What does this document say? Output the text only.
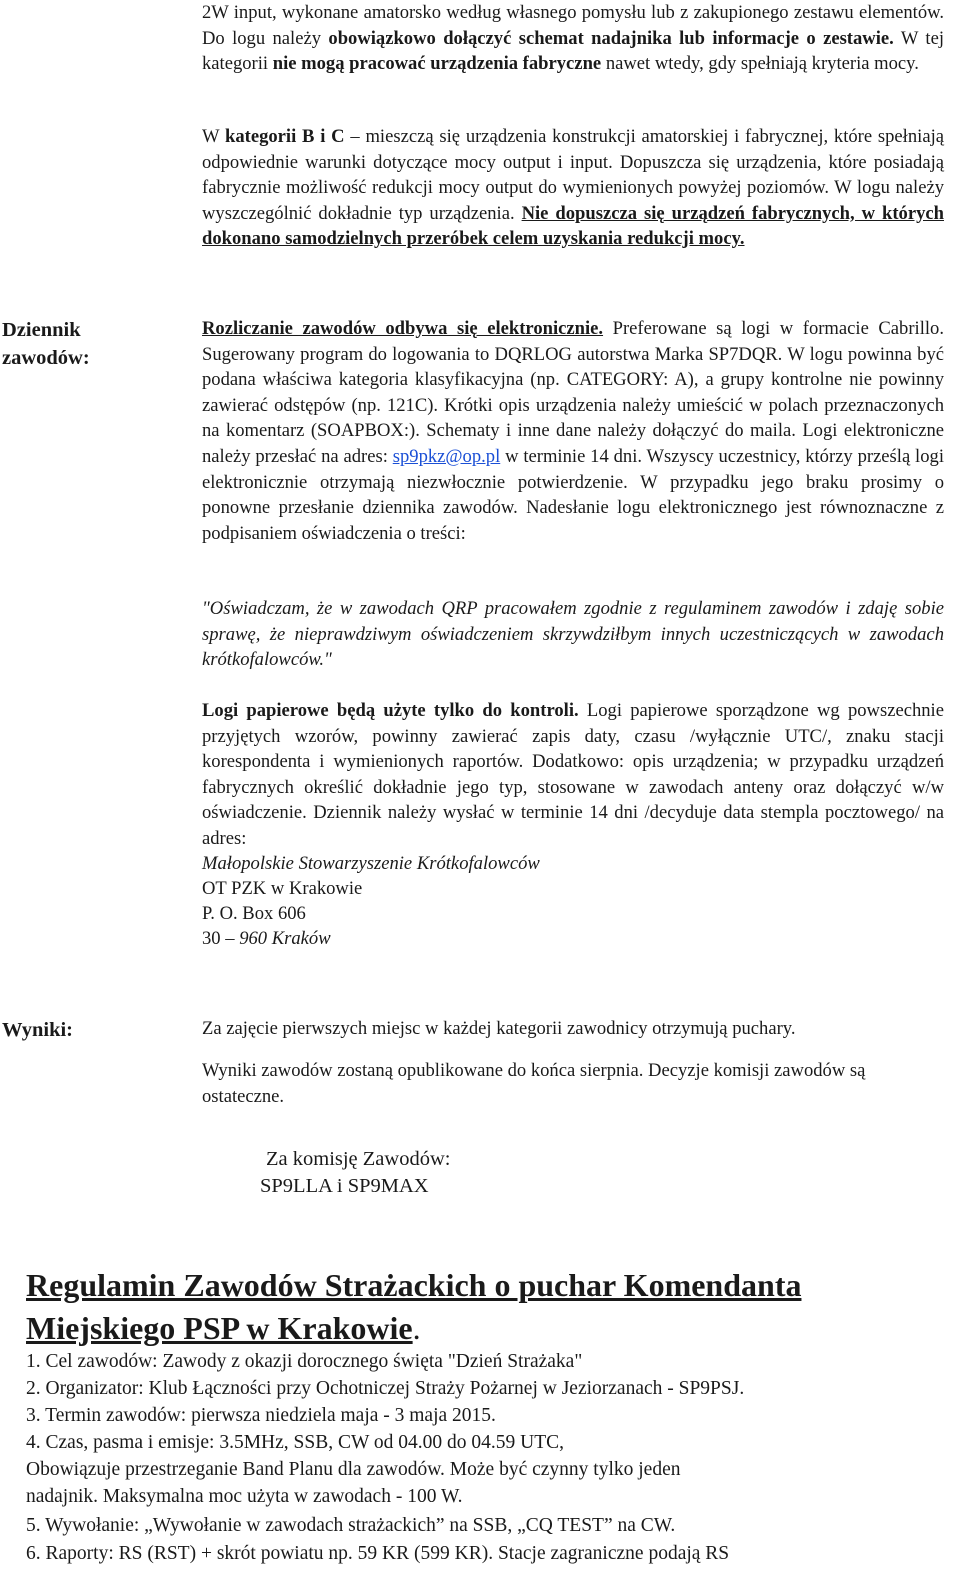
2W input, wykonane amatorsko według własnego pomysłu lub z zakupionego zestawu elementów. Do logu należy obowiązkowo dołączyć schemat nadajnika lub informacje o zestawie. W tej kategorii nie mogą pracować urządzenia fabryczne nawet wtedy, gdy spełniają kryteria mocy.

W kategorii B i C – mieszczą się urządzenia konstrukcji amatorskiej i fabrycznej, które spełniają odpowiednie warunki dotyczące mocy output i input. Dopuszcza się urządzenia, które posiadają fabrycznie możliwość redukcji mocy output do wymienionych powyżej poziomów. W logu należy wyszczególnić dokładnie typ urządzenia. Nie dopuszcza się urządzeń fabrycznych, w których dokonano samodzielnych przeróbek celem uzyskania redukcji mocy.

Dziennik
zawodów:

Rozliczanie zawodów odbywa się elektronicznie. Preferowane są logi w formacie Cabrillo. Sugerowany program do logowania to DQRLOG autorstwa Marka SP7DQR. W logu powinna być podana właściwa kategoria klasyfikacyjna (np. CATEGORY: A), a grupy kontrolne nie powinny zawierać odstępów (np. 121C). Krótki opis urządzenia należy umieścić w polach przeznaczonych na komentarz (SOAPBOX:). Schematy i inne dane należy dołączyć do maila. Logi elektroniczne należy przesłać na adres: sp9pkz@op.pl w terminie 14 dni. Wszyscy uczestnicy, którzy prześlą logi elektronicznie otrzymają niezwłocznie potwierdzenie. W przypadku jego braku prosimy o ponowne przesłanie dziennika zawodów. Nadesłanie logu elektronicznego jest równoznaczne z podpisaniem oświadczenia o treści:

"Oświadczam, że w zawodach QRP pracowałem zgodnie z regulaminem zawodów i zdaję sobie sprawę, że nieprawdziwym oświadczeniem skrzywdziłbym innych uczestniczących w zawodach krótkofalowców."

Logi papierowe będą użyte tylko do kontroli. Logi papierowe sporządzone wg powszechnie przyjętych wzorów, powinny zawierać zapis daty, czasu /wyłącznie UTC/, znaku stacji korespondenta i wymienionych raportów. Dodatkowo: opis urządzenia; w przypadku urządzeń fabrycznych określić dokładnie jego typ, stosowane w zawodach anteny oraz dołączyć w/w oświadczenie. Dziennik należy wysłać w terminie 14 dni /decyduje data stempla pocztowego/ na adres:

Małopolskie Stowarzyszenie Krótkofalowców

OT PZK w Krakowie

P. O. Box 606

30 – 960 Kraków

Wyniki:	Za zajęcie pierwszych miejsc w każdej kategorii zawodnicy otrzymują puchary.

Wyniki zawodów zostaną opublikowane do końca sierpnia. Decyzje komisji zawodów są ostateczne.

Za komisję Zawodów:

SP9LLA i SP9MAX

Regulamin Zawodów Strażackich o puchar Komendanta Miejskiego PSP w Krakowie.

1. Cel zawodów: Zawody z okazji dorocznego święta "Dzień Strażaka"

2. Organizator: Klub Łączności przy Ochotniczej Straży Pożarnej w Jeziorzanach - SP9PSJ.

3. Termin zawodów: pierwsza niedziela maja - 3 maja 2015.

4. Czas, pasma i emisje: 3.5MHz, SSB, CW od 04.00 do 04.59 UTC,

Obowiązuje przestrzeganie Band Planu dla zawodów. Może być czynny tylko jeden

nadajnik. Maksymalna moc użyta w zawodach - 100 W.

5. Wywołanie: „Wywołanie w zawodach strażackich” na SSB, „CQ TEST” na CW.

6. Raporty: RS (RST) + skrót powiatu np. 59 KR (599 KR). Stacje zagraniczne podają RS
